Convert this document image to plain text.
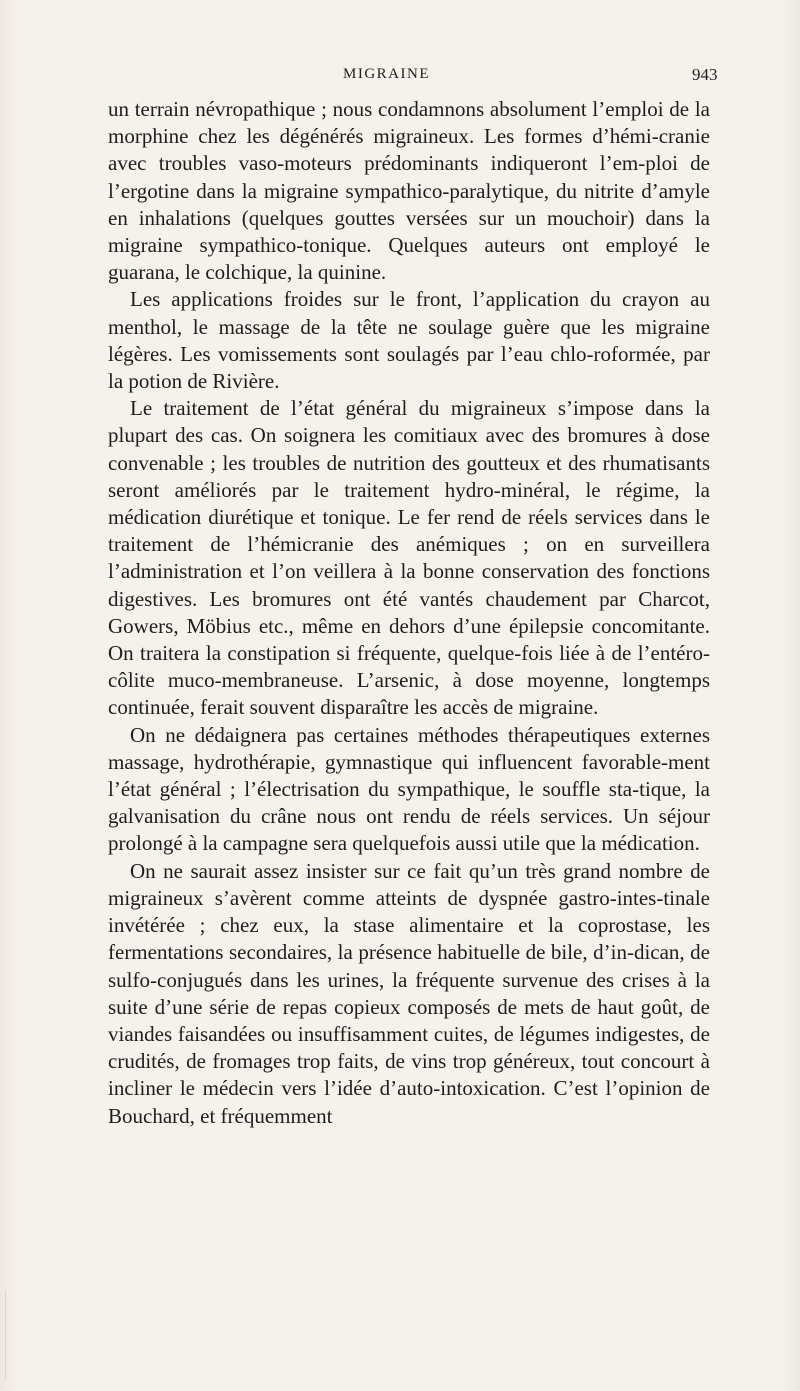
MIGRAINE	943

un terrain névropathique ; nous condamnons absolument l’emploi de la morphine chez les dégénérés migraineux. Les formes d’hémi-cranie avec troubles vaso-moteurs prédominants indiqueront l’em-ploi de l’ergotine dans la migraine sympathico-paralytique, du nitrite d’amyle en inhalations (quelques gouttes versées sur un mouchoir) dans la migraine sympathico-tonique. Quelques auteurs ont employé le guarana, le colchique, la quinine.

Les applications froides sur le front, l’application du crayon au menthol, le massage de la tête ne soulage guère que les migraine légères. Les vomissements sont soulagés par l’eau chlo-roformée, par la potion de Rivière.

Le traitement de l’état général du migraineux s’impose dans la plupart des cas. On soignera les comitiaux avec des bromures à dose convenable ; les troubles de nutrition des goutteux et des rhumatisants seront améliorés par le traitement hydro-minéral, le régime, la médication diurétique et tonique. Le fer rend de réels services dans le traitement de l’hémicranie des anémiques ; on en surveillera l’administration et l’on veillera à la bonne conservation des fonctions digestives. Les bromures ont été vantés chaudement par Charcot, Gowers, Möbius etc., même en dehors d’une épilepsie concomitante. On traitera la constipation si fréquente, quelque-fois liée à de l’entéro-côlite muco-membraneuse. L’arsenic, à dose moyenne, longtemps continuée, ferait souvent disparaître les accès de migraine.

On ne dédaignera pas certaines méthodes thérapeutiques externes massage, hydrothérapie, gymnastique qui influencent favorable-ment l’état général ; l’électrisation du sympathique, le souffle sta-tique, la galvanisation du crâne nous ont rendu de réels services. Un séjour prolongé à la campagne sera quelquefois aussi utile que la médication.

On ne saurait assez insister sur ce fait qu’un très grand nombre de migraineux s’avèrent comme atteints de dyspnée gastro-intes-tinale invétérée ; chez eux, la stase alimentaire et la coprostase, les fermentations secondaires, la présence habituelle de bile, d’in-dican, de sulfo-conjugués dans les urines, la fréquente survenue des crises à la suite d’une série de repas copieux composés de mets de haut goût, de viandes faisandées ou insuffisamment cuites, de légumes indigestes, de crudités, de fromages trop faits, de vins trop généreux, tout concourt à incliner le médecin vers l’idée d’auto-intoxication. C’est l’opinion de Bouchard, et fréquemment
